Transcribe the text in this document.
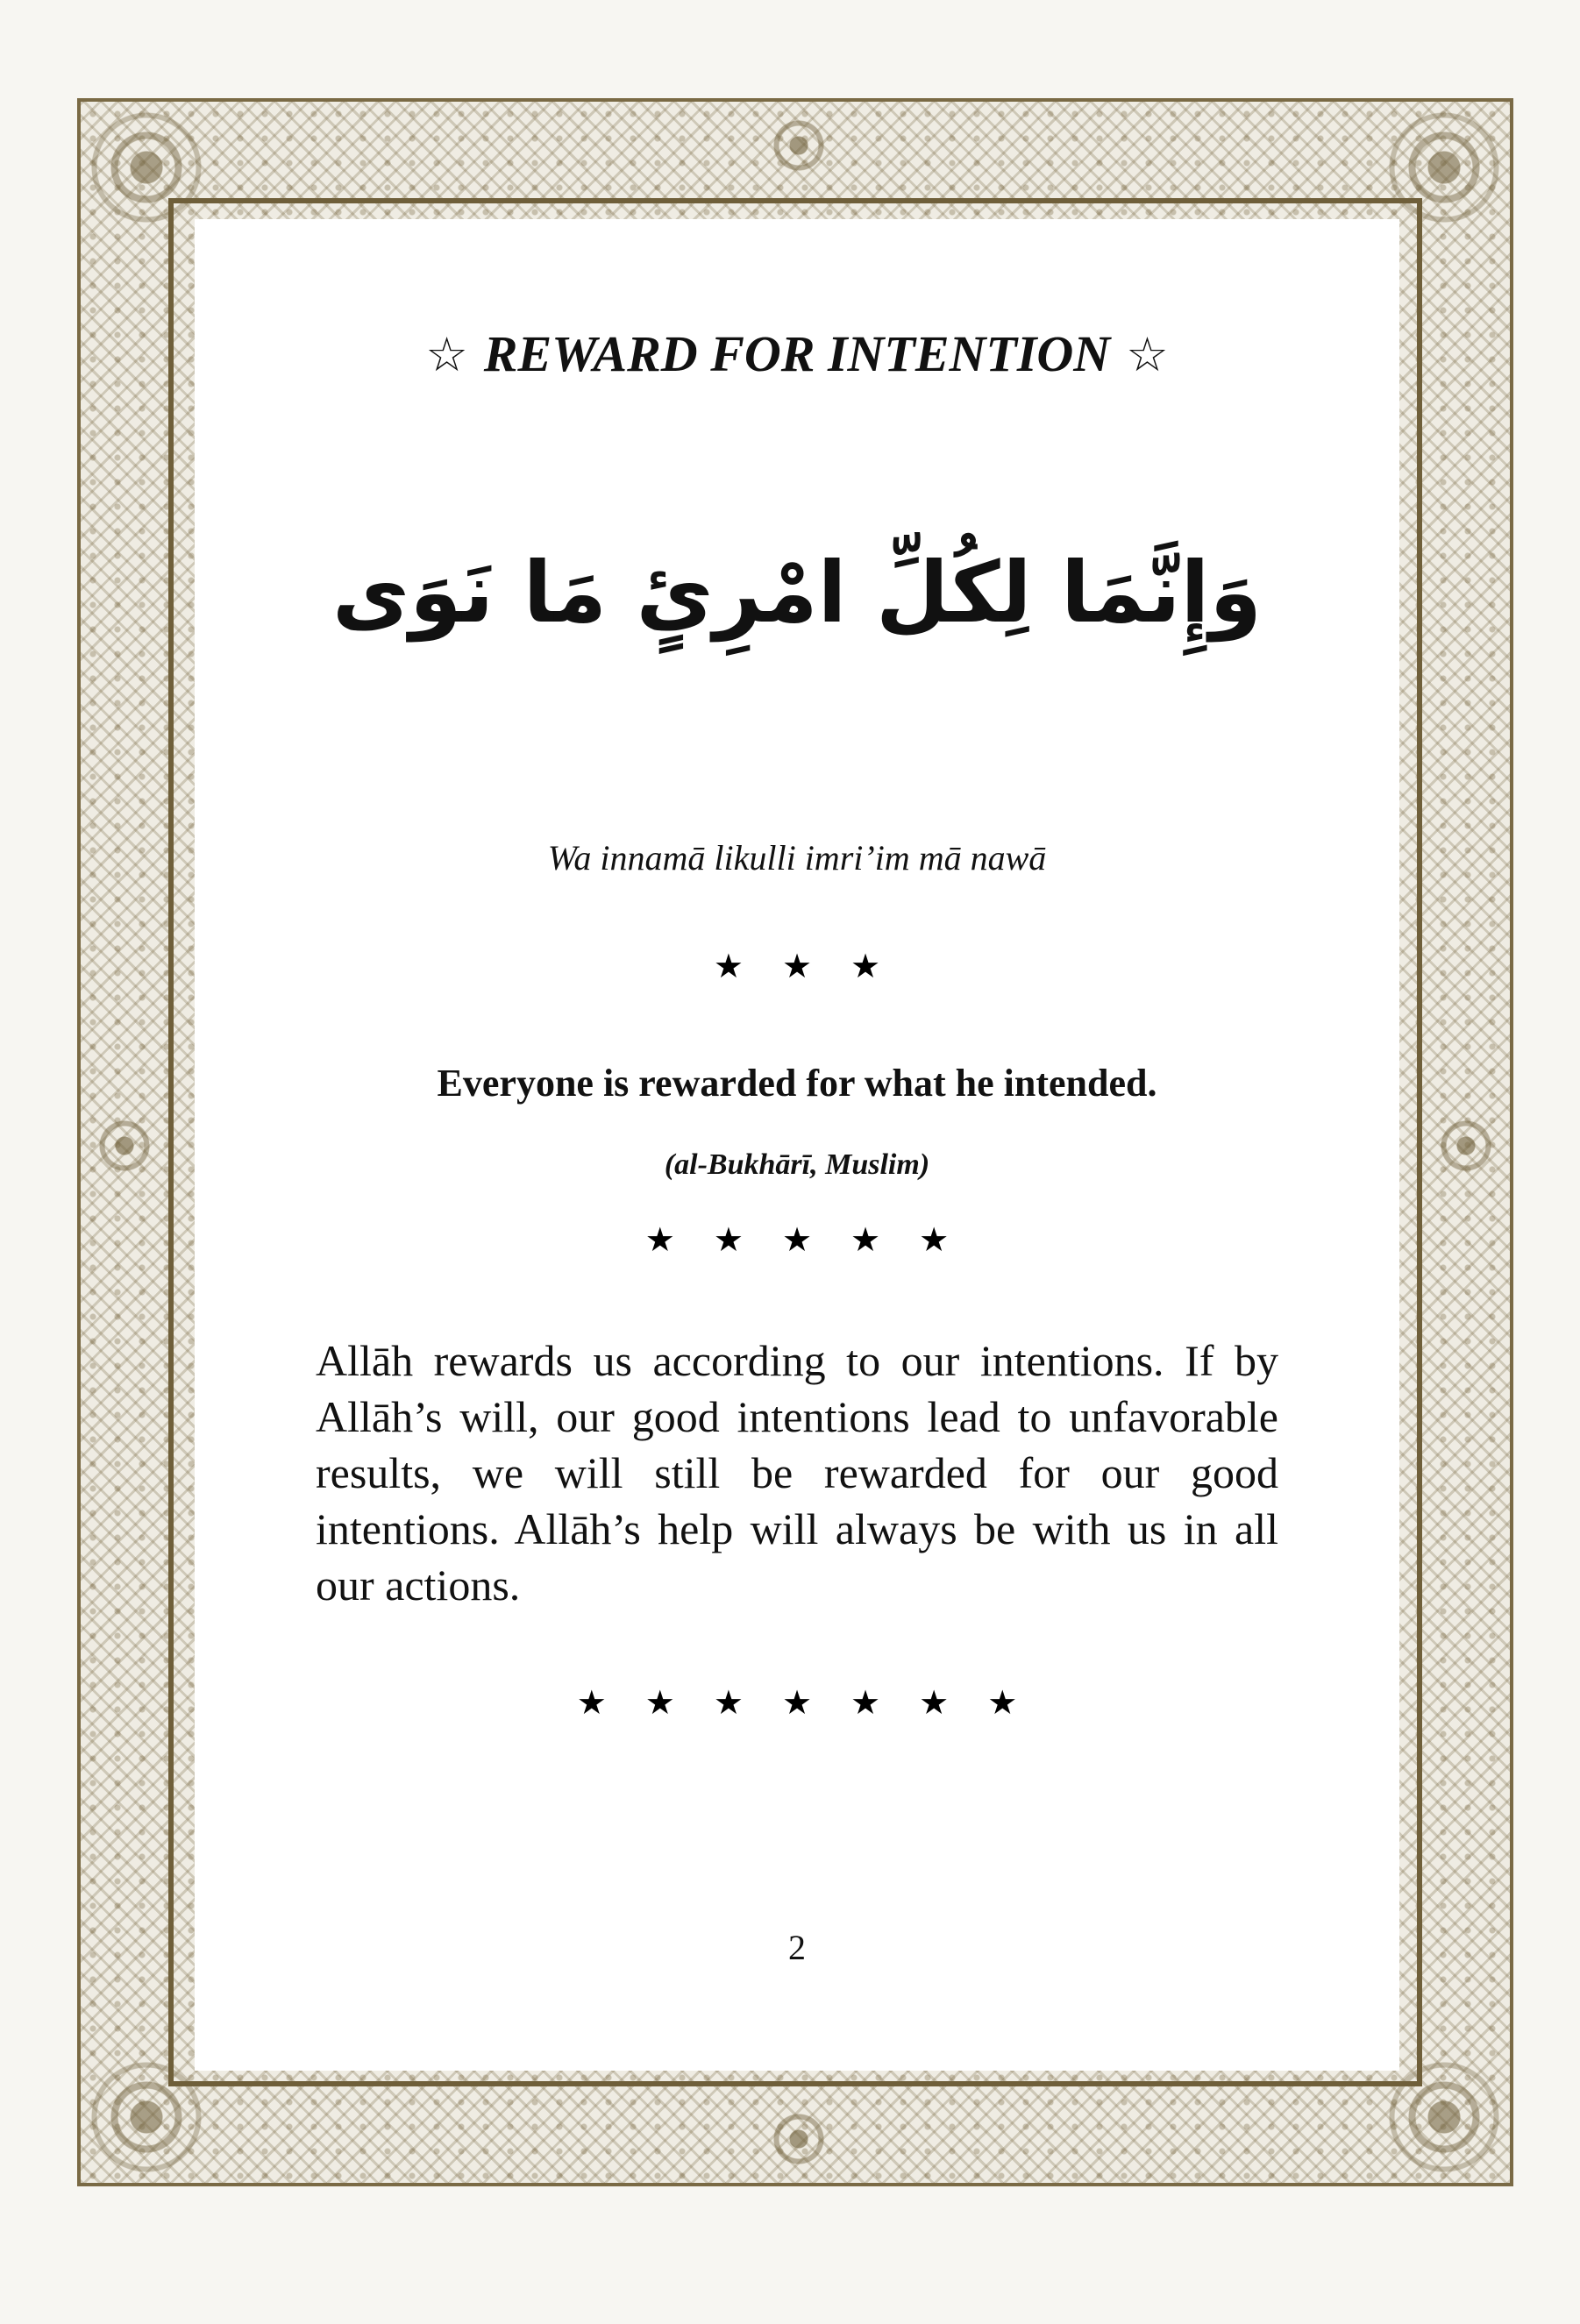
☆ REWARD FOR INTENTION ☆
وَإِنَّمَا لِكُلِّ امْرِئٍ مَا نَوَى
Wa innamā likulli imri’im mā nawā
★ ★ ★
Everyone is rewarded for what he intended.
(al-Bukhārī, Muslim)
★ ★ ★ ★ ★
Allāh rewards us according to our intentions. If by Allāh’s will, our good intentions lead to unfavorable results, we will still be rewarded for our good intentions. Allāh’s help will always be with us in all our actions.
★ ★ ★ ★ ★ ★ ★
2
